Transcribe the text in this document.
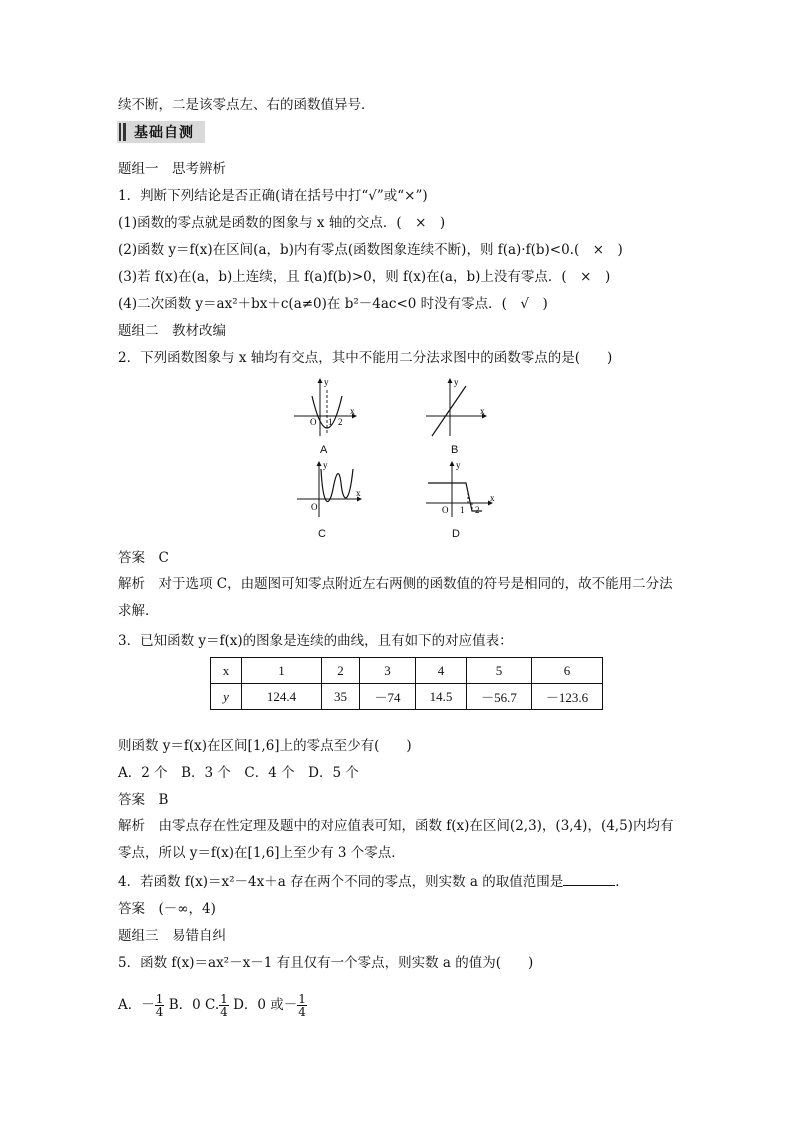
续不断，二是该零点左、右的函数值异号．
基础自测
题组一　思考辨析
1．判断下列结论是否正确(请在括号中打“√”或“×”)
(1)函数的零点就是函数的图象与 x 轴的交点．(　×　)
(2)函数 y＝f(x)在区间(a，b)内有零点(函数图象连续不断)，则 f(a)·f(b)<0.(　×　)
(3)若 f(x)在(a，b)上连续，且 f(a)f(b)>0，则 f(x)在(a，b)上没有零点．(　×　)
(4)二次函数 y＝ax²＋bx＋c(a≠0)在 b²－4ac<0 时没有零点．(　√　)
题组二　教材改编
2．下列函数图象与 x 轴均有交点，其中不能用二分法求图中的函数零点的是(　　)
y
x
O 1 2
A
y
x
B
y
x
O
C
y
x
O 1 2
D
答案　C
解析　对于选项 C，由题图可知零点附近左右两侧的函数值的符号是相同的，故不能用二分法求解．
3．已知函数 y＝f(x)的图象是连续的曲线，且有如下的对应值表：
x	1	2	3	4	5	6
y	124.4	35	－74	14.5	－56.7	－123.6
则函数 y＝f(x)在区间[1,6]上的零点至少有(　　)
A．2 个　B．3 个　C．4 个　D．5 个
答案　B
解析　由零点存在性定理及题中的对应值表可知，函数 f(x)在区间(2,3)，(3,4)，(4,5)内均有零点，所以 y＝f(x)在[1,6]上至少有 3 个零点．
4．若函数 f(x)＝x²－4x＋a 存在两个不同的零点，则实数 a 的取值范围是	．
答案　(－∞，4)
题组三　易错自纠
5．函数 f(x)＝ax²－x－1 有且仅有一个零点，则实数 a 的值为(　　)
A．－ $\frac{1}{4}$ B．0 C. $\frac{1}{4}$ D．0 或－ $\frac{1}{4}$
